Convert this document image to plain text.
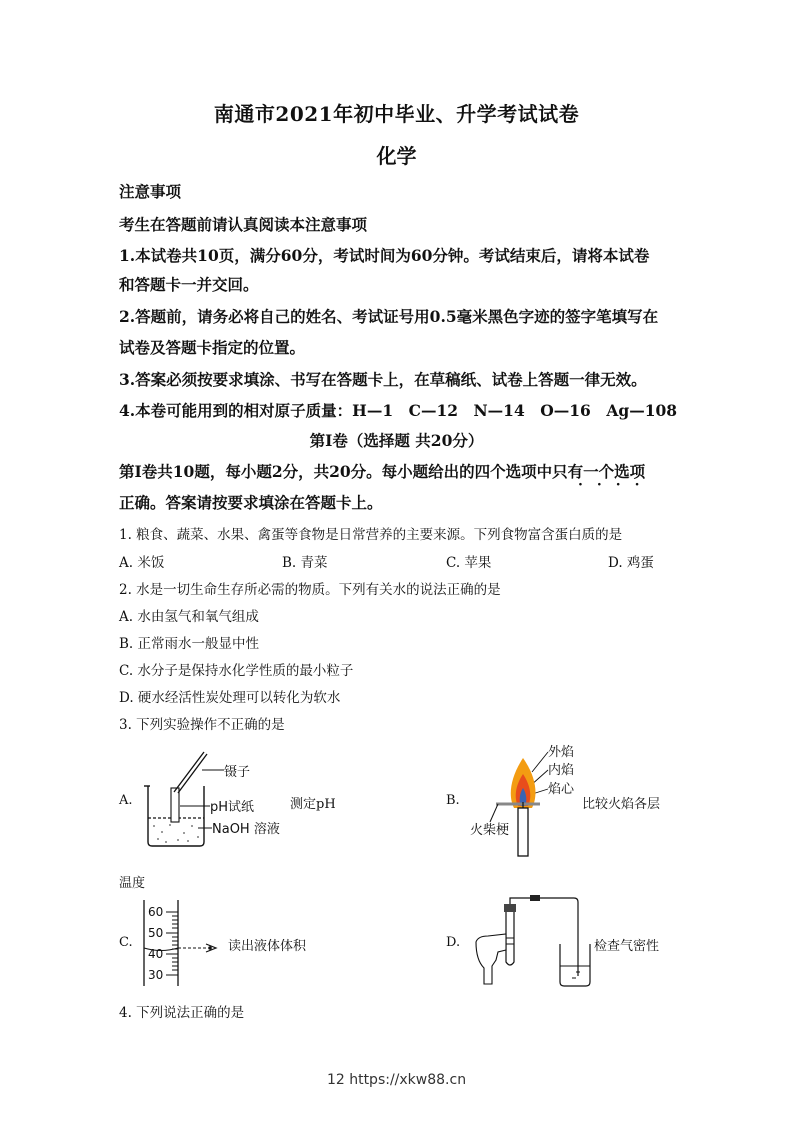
南通市2021年初中毕业、升学考试试卷
化学
注意事项
考生在答题前请认真阅读本注意事项
1.本试卷共10页，满分60分，考试时间为60分钟。考试结束后，请将本试卷
和答题卡一并交回。
2.答题前，请务必将自己的姓名、考试证号用0.5毫米黑色字迹的签字笔填写在
试卷及答题卡指定的位置。
3.答案必须按要求填涂、书写在答题卡上，在草稿纸、试卷上答题一律无效。
4.本卷可能用到的相对原子质量：H—1　C—12　N—14　O—16　Ag—108
第Ⅰ卷（选择题 共20分）
第Ⅰ卷共10题，每小题2分，共20分。每小题给出的四个选项中只有一个选项
·　·　·　·
正确。答案请按要求填涂在答题卡上。
1. 粮食、蔬菜、水果、禽蛋等食物是日常营养的主要来源。下列食物富含蛋白质的是
A. 米饭	B. 青菜	C. 苹果	D. 鸡蛋
2. 水是一切生命生存所必需的物质。下列有关水的说法正确的是
A. 水由氢气和氧气组成
B. 正常雨水一般显中性
C. 水分子是保持水化学性质的最小粒子
D. 硬水经活性炭处理可以转化为软水
3. 下列实验操作不正确的是
A.
镊子
pH试纸
NaOH 溶液
测定pH	B.
外焰
内焰
焰心
火柴梗
比较火焰各层
温度
C.
60
50
40
30
读出液体体积	D.	检查气密性
4. 下列说法正确的是
12 https://xkw88.cn
